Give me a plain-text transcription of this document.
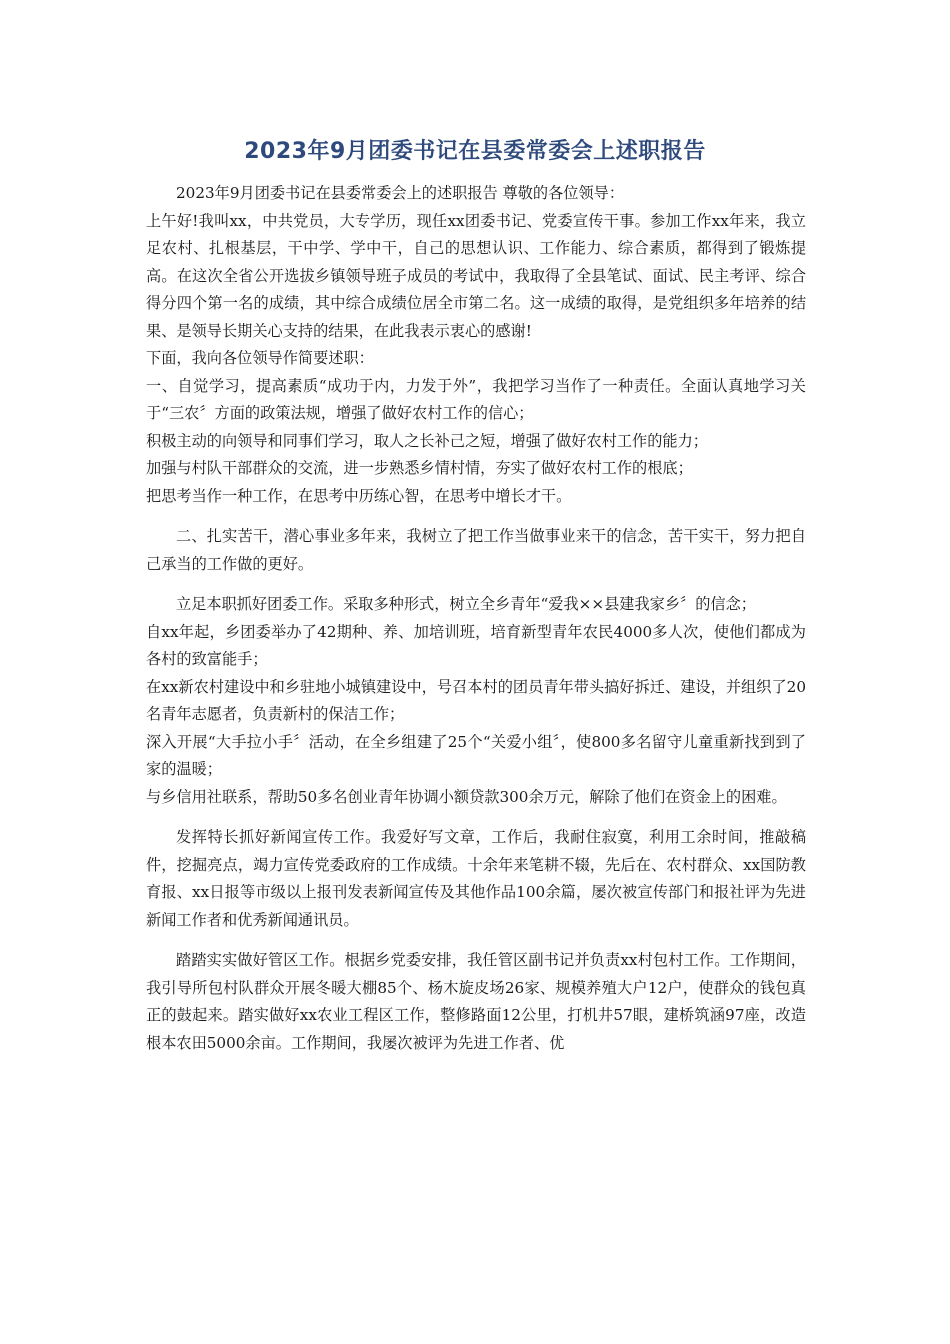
2023年9月团委书记在县委常委会上述职报告

2023年9月团委书记在县委常委会上的述职报告 尊敬的各位领导：

上午好!我叫xx，中共党员，大专学历，现任xx团委书记、党委宣传干事。参加工作xx年来，我立足农村、扎根基层，干中学、学中干，自己的思想认识、工作能力、综合素质，都得到了锻炼提高。在这次全省公开选拔乡镇领导班子成员的考试中，我取得了全县笔试、面试、民主考评、综合得分四个第一名的成绩，其中综合成绩位居全市第二名。这一成绩的取得，是党组织多年培养的结果、是领导长期关心支持的结果，在此我表示衷心的感谢!

下面，我向各位领导作简要述职：

一、自觉学习，提高素质“成功于内，力发于外”，我把学习当作了一种责任。全面认真地学习关于“三农〞方面的政策法规，增强了做好农村工作的信心；

积极主动的向领导和同事们学习，取人之长补己之短，增强了做好农村工作的能力；

加强与村队干部群众的交流，进一步熟悉乡情村情，夯实了做好农村工作的根底；

把思考当作一种工作，在思考中历练心智，在思考中增长才干。

二、扎实苦干，潜心事业多年来，我树立了把工作当做事业来干的信念，苦干实干，努力把自己承当的工作做的更好。

立足本职抓好团委工作。采取多种形式，树立全乡青年“爱我××县建我家乡〞的信念；

自xx年起，乡团委举办了42期种、养、加培训班，培育新型青年农民4000多人次，使他们都成为各村的致富能手；

在xx新农村建设中和乡驻地小城镇建设中，号召本村的团员青年带头搞好拆迁、建设，并组织了20名青年志愿者，负责新村的保洁工作；

深入开展“大手拉小手〞活动，在全乡组建了25个“关爱小组〞，使800多名留守儿童重新找到到了家的温暖；

与乡信用社联系，帮助50多名创业青年协调小额贷款300余万元，解除了他们在资金上的困难。

发挥特长抓好新闻宣传工作。我爱好写文章，工作后，我耐住寂寞，利用工余时间，推敲稿件，挖掘亮点，竭力宣传党委政府的工作成绩。十余年来笔耕不辍，先后在、农村群众、xx国防教育报、xx日报等市级以上报刊发表新闻宣传及其他作品100余篇，屡次被宣传部门和报社评为先进新闻工作者和优秀新闻通讯员。

踏踏实实做好管区工作。根据乡党委安排，我任管区副书记并负责xx村包村工作。工作期间，我引导所包村队群众开展冬暖大棚85个、杨木旋皮场26家、规模养殖大户12户，使群众的钱包真正的鼓起来。踏实做好xx农业工程区工作，整修路面12公里，打机井57眼，建桥筑涵97座，改造根本农田5000余亩。工作期间，我屡次被评为先进工作者、优
